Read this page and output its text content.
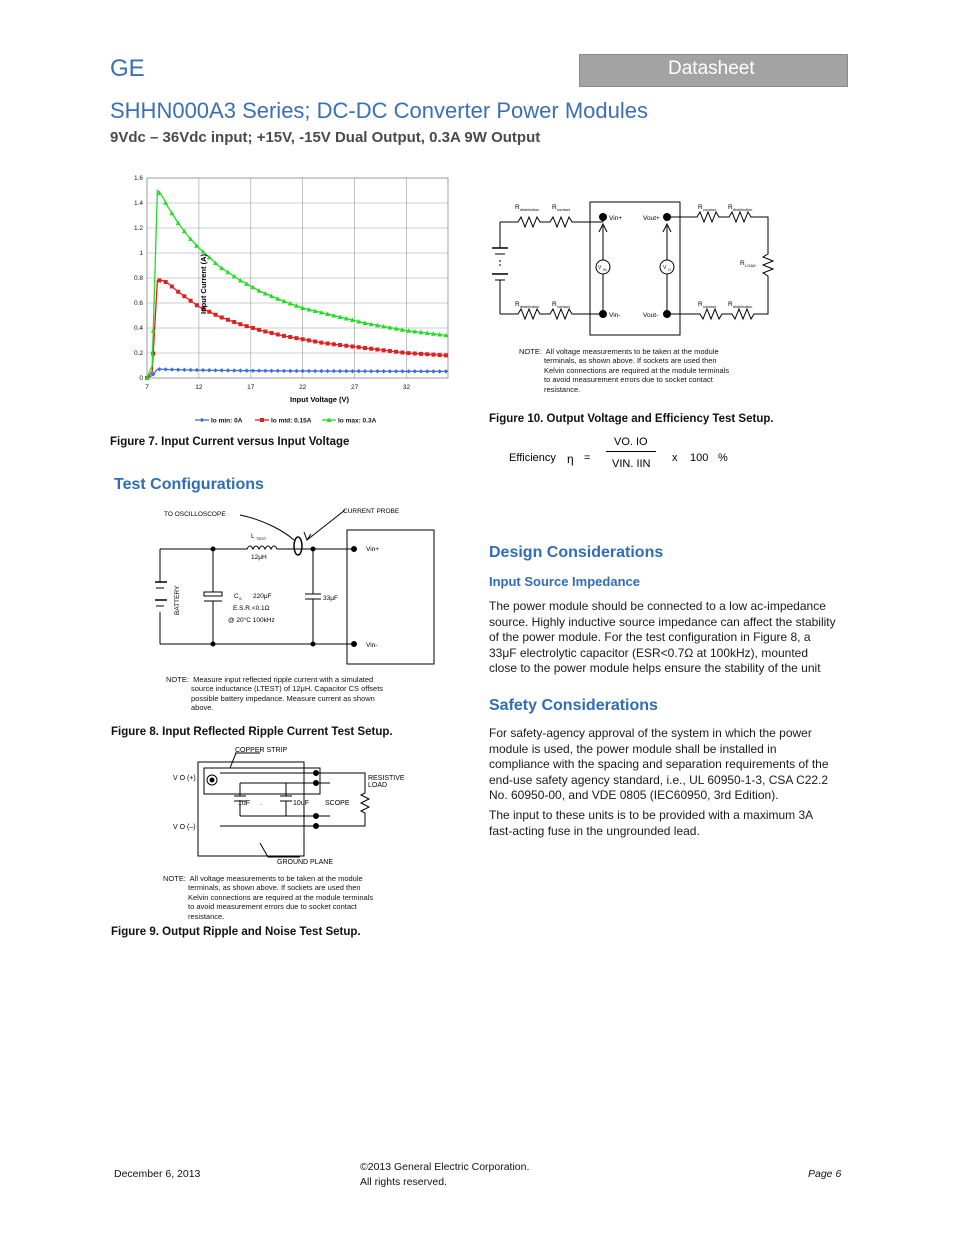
GE	Datasheet
SHHN000A3 Series; DC-DC Converter Power Modules
9Vdc – 36Vdc input; +15V, -15V Dual Output, 0.3A 9W Output
0
0.2
0.4
0.6
0.8
1
1.2
1.4
1.6
7	12	17	22	27	32
Input Current (A)
Input Voltage (V)
Io min: 0A	Io mid: 0.15A	Io max: 0.3A
Figure 7. Input Current versus Input Voltage
R distribution R contact
R distribution R contact
R contact R distribution
R contact R distribution
Vin+
Vin-
Vout+
Vout-
V IN	V O
R LOAD
NOTE:  All voltage measurements to be taken at the module
terminals, as shown above. If sockets are used then
Kelvin connections are required at the module terminals
to avoid measurement errors due to socket contact
resistance.
Figure 10. Output Voltage and Efficiency Test Setup.
Efficiency η =
VO. IO
VIN. IIN x 100 %
Test Configurations
TO OSCILLOSCOPE	CURRENT PROBE
L TEST
12μH
BATTERY	C S 220μF
E.S.R.<0.1Ω
@ 20°C 100kHz
33μF
Vin+
Vin-
NOTE:  Measure input reflected ripple current with a simulated
source inductance (LTEST) of 12μH. Capacitor CS offsets
possible battery impedance. Measure current as shown
above.
Figure 8. Input Reflected Ripple Current Test Setup.
COPPER STRIP
V O (+)
V O (–)
1uF .	10uF SCOPE
RESISTIVE
LOAD
GROUND PLANE
NOTE:  All voltage measurements to be taken at the module
terminals, as shown above. If sockets are used then
Kelvin connections are required at the module terminals
to avoid measurement errors due to socket contact
resistance.
Figure 9. Output Ripple and Noise Test Setup.
Design Considerations
Input Source Impedance

The power module should be connected to a low ac-impedance source. Highly inductive source impedance can affect the stability of the power module. For the test configuration in Figure 8, a 33μF electrolytic capacitor (ESR<0.7Ω at 100kHz), mounted close to the power module helps ensure the stability of the unit

Safety Considerations

For safety-agency approval of the system in which the power module is used, the power module shall be installed in compliance with the spacing and separation requirements of the end-use safety agency standard, i.e., UL 60950-1-3, CSA C22.2 No. 60950-00, and VDE 0805 (IEC60950, 3rd Edition).

The input to these units is to be provided with a maximum 3A fast-acting fuse in the ungrounded lead.

December 6, 2013
©2013 General Electric Corporation.
All rights reserved.
Page 6
